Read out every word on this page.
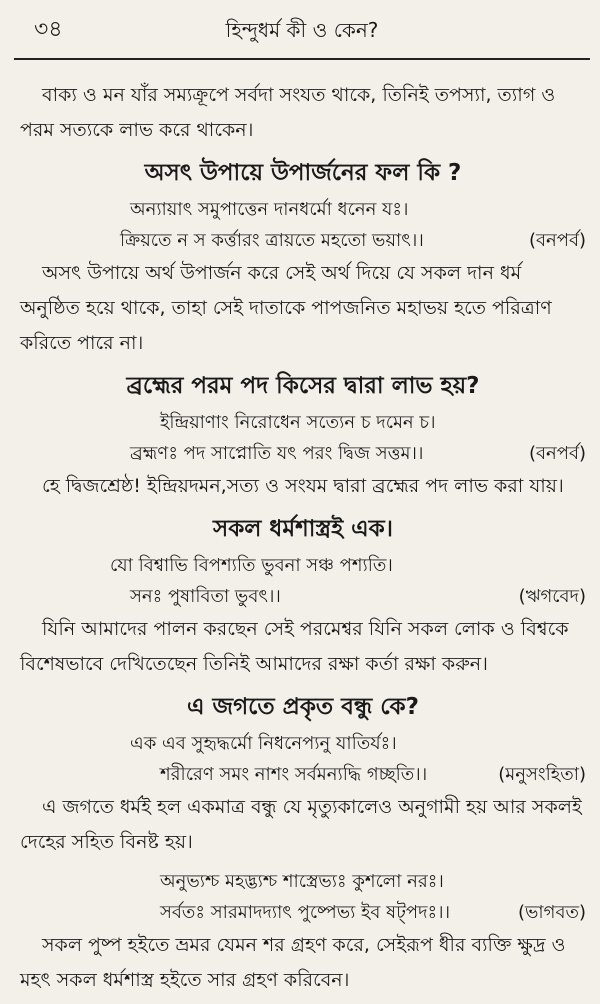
৩৪	হিন্দুধর্ম কী ও কেন?

বাক্য ও মন যাঁর সম্যক্রূপে সর্বদা সংযত থাকে, তিনিই তপস্যা, ত্যাগ ও পরম সত্যকে লাভ করে থাকেন।

অসৎ উপায়ে উপার্জনের ফল কি ?
অন্যায়াৎ সমুপাত্তেন দানধর্মো ধনেন যঃ।
ক্রিয়তে ন স কর্ত্তারং ত্রায়তে মহতো ভয়াৎ।।	(বনপর্ব)

অসৎ উপায়ে অর্থ উপার্জন করে সেই অর্থ দিয়ে যে সকল দান ধর্ম অনুষ্ঠিত হয়ে থাকে, তাহা সেই দাতাকে পাপজনিত মহাভয় হতে পরিত্রাণ করিতে পারে না।

ব্রহ্মের পরম পদ কিসের দ্বারা লাভ হয়?
ইন্দ্রিয়াণাং নিরোধেন সত্যেন চ দমেন চ।
ব্রহ্মণঃ পদ সাপ্নোতি যৎ পরং দ্বিজ সত্তম।।	(বনপর্ব)

হে দ্বিজশ্রেষ্ঠ! ইন্দ্রিয়দমন,সত্য ও সংযম দ্বারা ব্রহ্মের পদ লাভ করা যায়।

সকল ধর্মশাস্ত্রই এক।
যো বিশ্বাভি বিপশ্যতি ভুবনা সঞ্চ পশ্যতি।
সনঃ পুষাবিতা ভুবৎ।।	(ঋগবেদ)

যিনি আমাদের পালন করছেন সেই পরমেশ্বর যিনি সকল লোক ও বিশ্বকে বিশেষভাবে দেখিতেছেন তিনিই আমাদের রক্ষা কর্তা রক্ষা করুন।

এ জগতে প্রকৃত বন্ধু কে?
এক এব সুহৃদ্ধর্মো নিধনেপ্যনু যাতির্যঃ।
শরীরেণ সমং নাশং সর্বমন্যদ্ধি গচ্ছতি।।	(মনুসংহিতা)

এ জগতে ধর্মই হল একমাত্র বন্ধু যে মৃত্যুকালেও অনুগামী হয় আর সকলই দেহের সহিত বিনষ্ট হয়।

অনুভ্যশ্চ মহদ্ভ্যশ্চ শাস্ত্রেভ্যঃ কুশলো নরঃ।
সর্বতঃ সারমাদদ্যাৎ পুষ্পেভ্য ইব ষট্পদঃ।।	(ভাগবত)

সকল পুষ্প হইতে ভ্রমর যেমন শর গ্রহণ করে, সেইরূপ ধীর ব্যক্তি ক্ষুদ্র ও মহৎ সকল ধর্মশাস্ত্র হইতে সার গ্রহণ করিবেন।
